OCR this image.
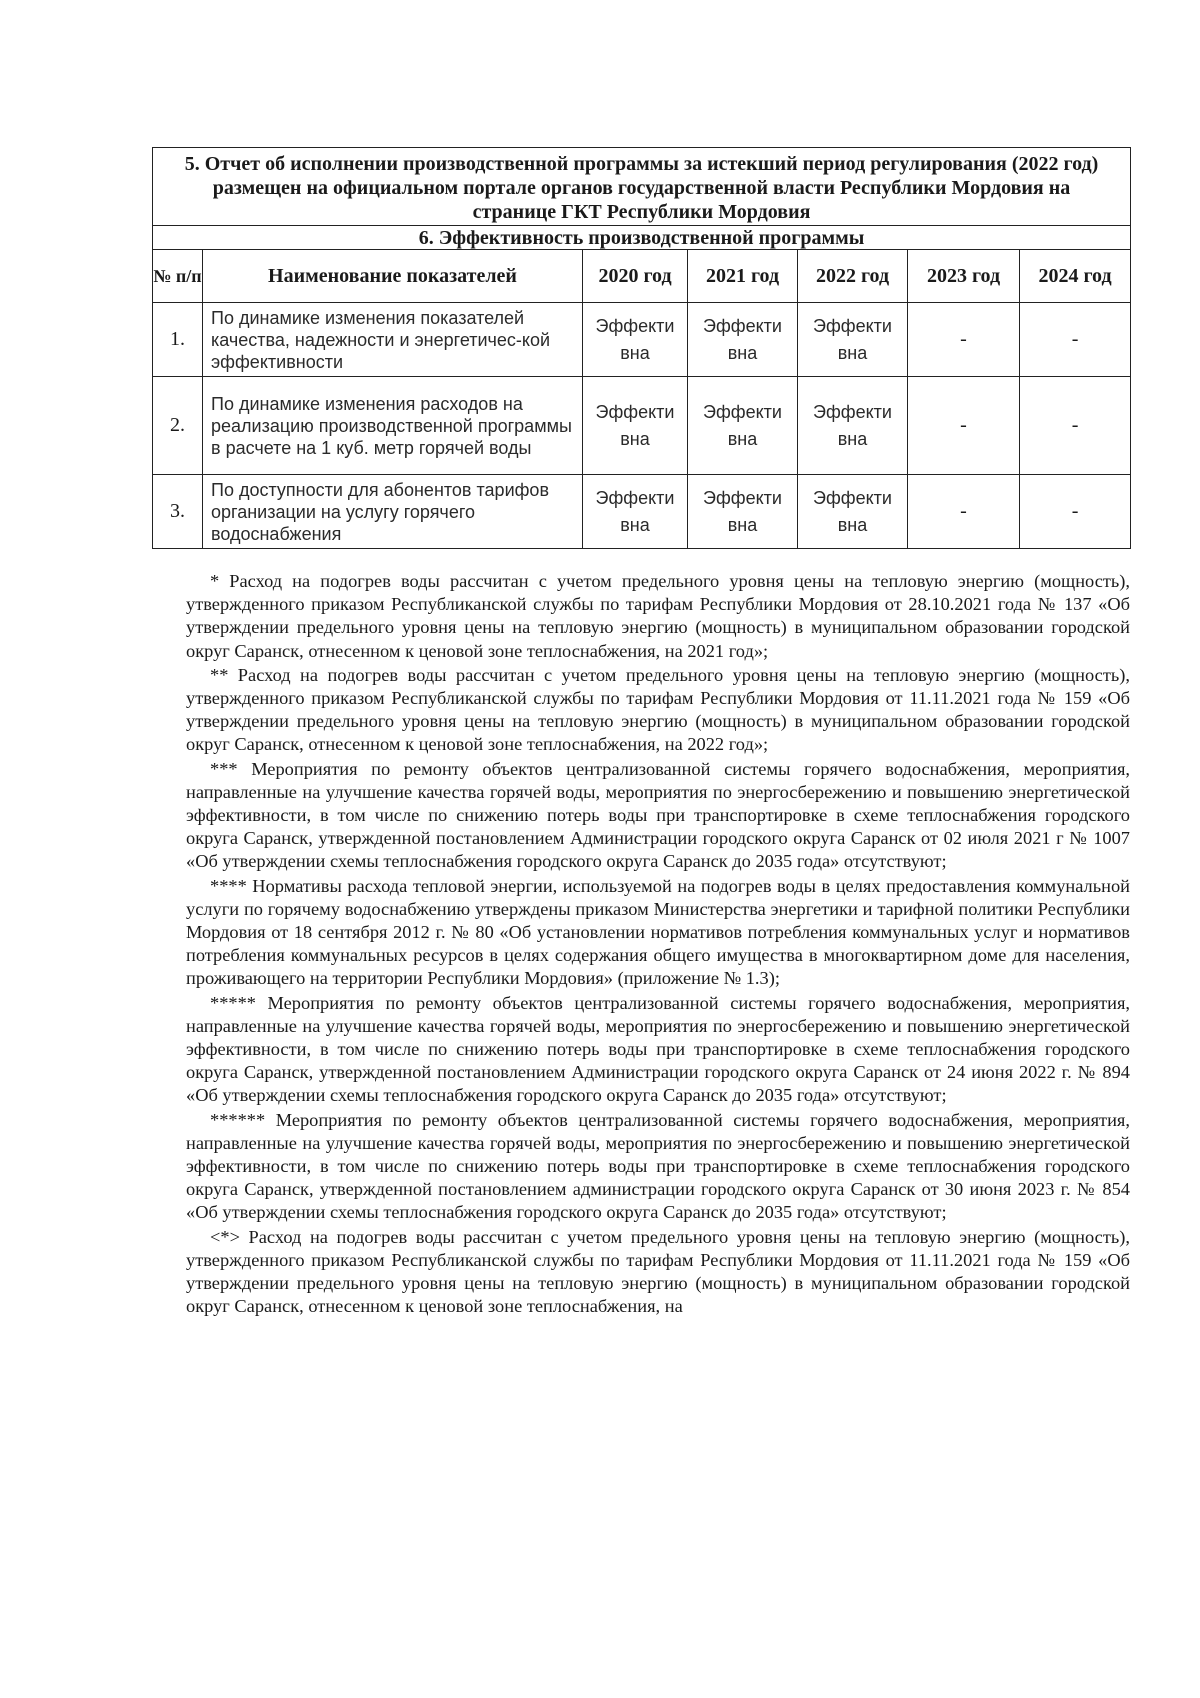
5. Отчет об исполнении производственной программы за истекший период регулирования (2022 год) размещен на официальном портале органов государственной власти Республики Мордовия на странице ГКТ Республики Мордовия						
6. Эффективность производственной программы						
№ п/п	Наименование показателей	2020 год	2021 год	2022 год	2023 год	2024 год
1.	По динамике изменения показателей качества, надежности и энергетичес-кой эффективности	Эффекти вна	Эффекти вна	Эффекти вна	-	-
2.	По динамике изменения расходов на реализацию производственной программы в расчете на 1 куб. метр горячей воды	Эффекти вна	Эффекти вна	Эффекти вна	-	-
3.	По доступности для абонентов тарифов организации на услугу горячего водоснабжения	Эффекти вна	Эффекти вна	Эффекти вна	-	-

* Расход на подогрев воды рассчитан с учетом предельного уровня цены на тепловую энергию (мощность), утвержденного приказом Республиканской службы по тарифам Республики Мордовия от 28.10.2021 года № 137 «Об утверждении предельного уровня цены на тепловую энергию (мощность) в муниципальном образовании городской округ Саранск, отнесенном к ценовой зоне теплоснабжения, на 2021 год»;

** Расход на подогрев воды рассчитан с учетом предельного уровня цены на тепловую энергию (мощность), утвержденного приказом Республиканской службы по тарифам Республики Мордовия от 11.11.2021 года № 159 «Об утверждении предельного уровня цены на тепловую энергию (мощность) в муниципальном образовании городской округ Саранск, отнесенном к ценовой зоне теплоснабжения, на 2022 год»;

*** Мероприятия по ремонту объектов централизованной системы горячего водоснабжения, мероприятия, направленные на улучшение качества горячей воды, мероприятия по энергосбережению и повышению энергетической эффективности, в том числе по снижению потерь воды при транспортировке в схеме теплоснабжения городского округа Саранск, утвержденной постановлением Администрации городского округа Саранск от 02 июля 2021 г № 1007 «Об утверждении схемы теплоснабжения городского округа Саранск до 2035 года» отсутствуют;

**** Нормативы расхода тепловой энергии, используемой на подогрев воды в целях предоставления коммунальной услуги по горячему водоснабжению утверждены приказом Министерства энергетики и тарифной политики Республики Мордовия от 18 сентября 2012 г. № 80 «Об установлении нормативов потребления коммунальных услуг и нормативов потребления коммунальных ресурсов в целях содержания общего имущества в многоквартирном доме для населения, проживающего на территории Республики Мордовия» (приложение № 1.3);

***** Мероприятия по ремонту объектов централизованной системы горячего водоснабжения, мероприятия, направленные на улучшение качества горячей воды, мероприятия по энергосбережению и повышению энергетической эффективности, в том числе по снижению потерь воды при транспортировке в схеме теплоснабжения городского округа Саранск, утвержденной постановлением Администрации городского округа Саранск от 24 июня 2022 г. № 894 «Об утверждении схемы теплоснабжения городского округа Саранск до 2035 года» отсутствуют;

****** Мероприятия по ремонту объектов централизованной системы горячего водоснабжения, мероприятия, направленные на улучшение качества горячей воды, мероприятия по энергосбережению и повышению энергетической эффективности, в том числе по снижению потерь воды при транспортировке в схеме теплоснабжения городского округа Саранск, утвержденной постановлением администрации городского округа Саранск от 30 июня 2023 г. № 854 «Об утверждении схемы теплоснабжения городского округа Саранск до 2035 года» отсутствуют;

<*> Расход на подогрев воды рассчитан с учетом предельного уровня цены на тепловую энергию (мощность), утвержденного приказом Республиканской службы по тарифам Республики Мордовия от 11.11.2021 года № 159 «Об утверждении предельного уровня цены на тепловую энергию (мощность) в муниципальном образовании городской округ Саранск, отнесенном к ценовой зоне теплоснабжения, на
